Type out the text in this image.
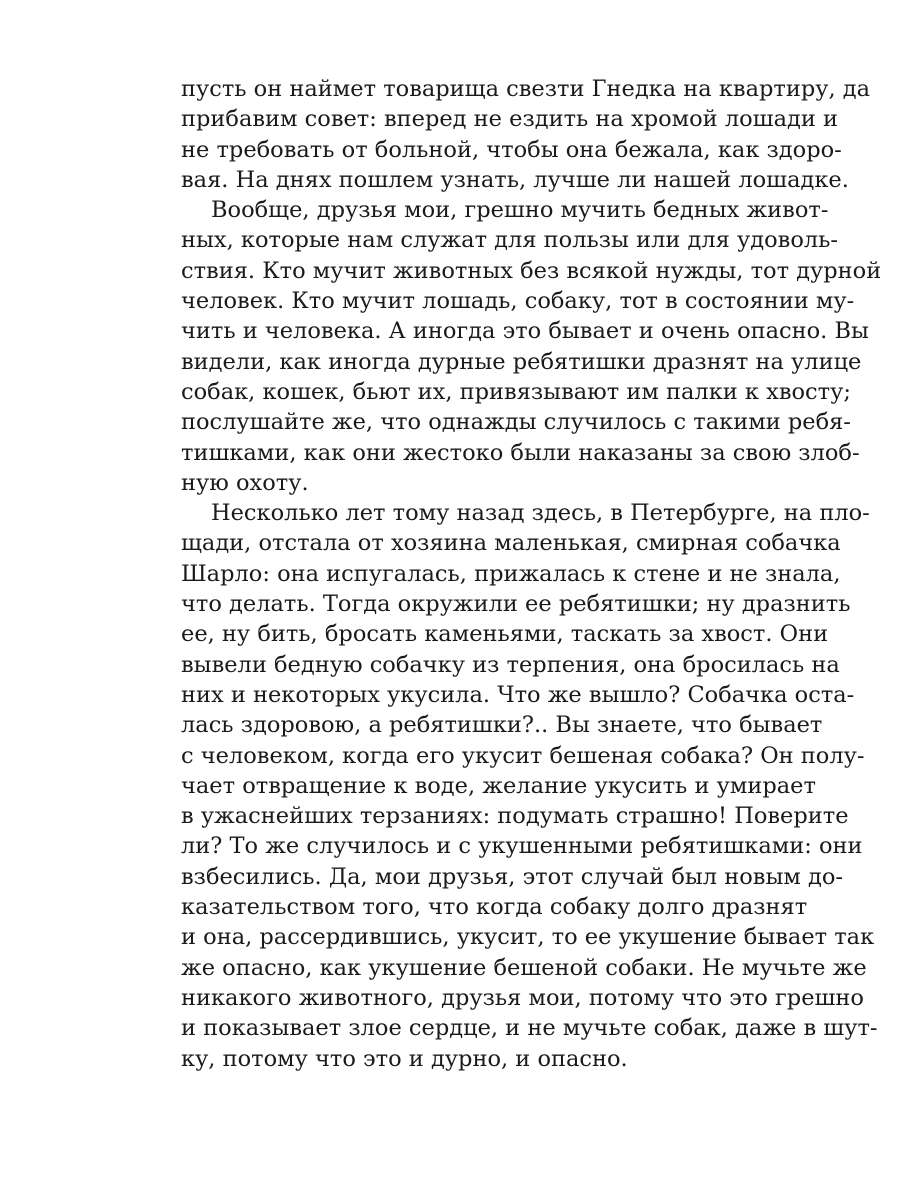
пусть он наймет товарища свезти Гнедка на квартиру, да
прибавим совет: вперед не ездить на хромой лошади и
не требовать от больной, чтобы она бежала, как здоро-
вая. На днях пошлем узнать, лучше ли нашей лошадке.
Вообще, друзья мои, грешно мучить бедных живот-
ных, которые нам служат для пользы или для удоволь-
ствия. Кто мучит животных без всякой нужды, тот дурной
человек. Кто мучит лошадь, собаку, тот в состоянии му-
чить и человека. А иногда это бывает и очень опасно. Вы
видели, как иногда дурные ребятишки дразнят на улице
собак, кошек, бьют их, привязывают им палки к хвосту;
послушайте же, что однажды случилось с такими ребя-
тишками, как они жестоко были наказаны за свою злоб-
ную охоту.
Несколько лет тому назад здесь, в Петербурге, на пло-
щади, отстала от хозяина маленькая, смирная собачка
Шарло: она испугалась, прижалась к стене и не знала,
что делать. Тогда окружили ее ребятишки; ну дразнить
ее, ну бить, бросать каменьями, таскать за хвост. Они
вывели бедную собачку из терпения, она бросилась на
них и некоторых укусила. Что же вышло? Собачка оста-
лась здоровою, а ребятишки?.. Вы знаете, что бывает
с человеком, когда его укусит бешеная собака? Он полу-
чает отвращение к воде, желание укусить и умирает
в ужаснейших терзаниях: подумать страшно! Поверите
ли? То же случилось и с укушенными ребятишками: они
взбесились. Да, мои друзья, этот случай был новым до-
казательством того, что когда собаку долго дразнят
и она, рассердившись, укусит, то ее укушение бывает так
же опасно, как укушение бешеной собаки. Не мучьте же
никакого животного, друзья мои, потому что это грешно
и показывает злое сердце, и не мучьте собак, даже в шут-
ку, потому что это и дурно, и опасно.
